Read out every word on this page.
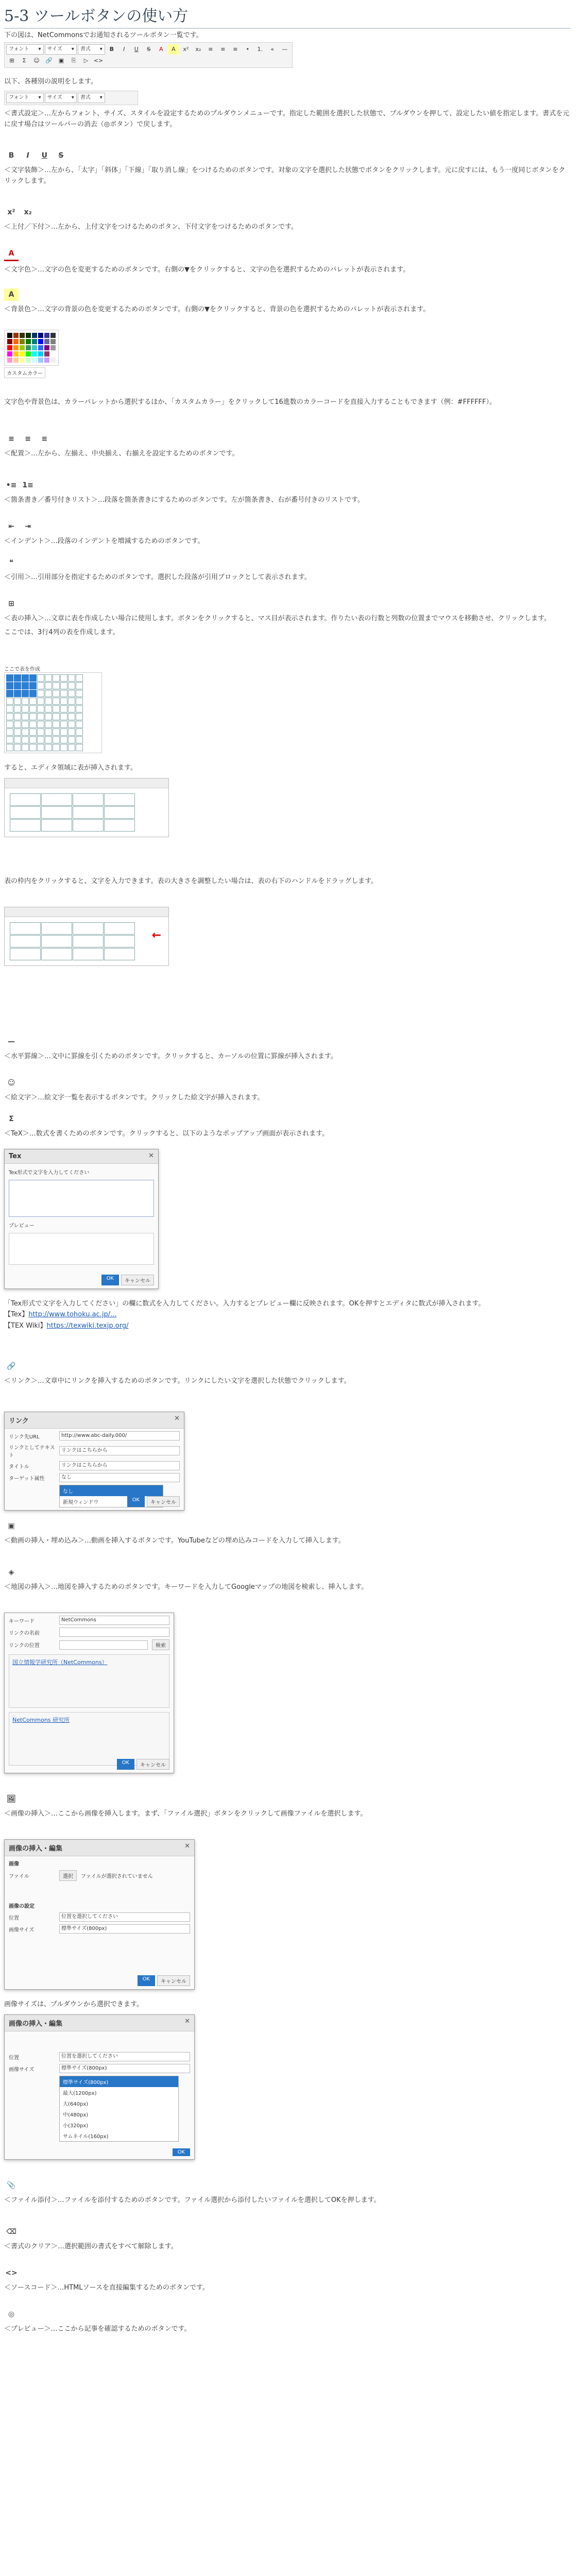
5-3 ツールボタンの使い方

下の図は、NetCommonsでお通知されるツールボタン一覧です。

フォント ▾ サイズ ▾ 書式 ▾	B	I	U	S	A	A	x²	x₂	≡	≡	≡	•	1.	«	—
⊞	Σ	☺	🔗	▣	⎘	▷ <>

以下、各種別の説明をします。

フォント ▾ サイズ ▾ 書式 ▾

＜書式設定＞…左からフォント、サイズ、スタイルを設定するためのプルダウンメニューです。指定した範囲を選択した状態で、プルダウンを押して、設定したい値を指定します。書式を元に戻す場合はツールバーの消去（◎ボタン）で戻します。

B I U S

＜文字装飾＞…左から、「太字」「斜体」「下線」「取り消し線」をつけるためのボタンです。対象の文字を選択した状態でボタンをクリックします。元に戻すには、もう一度同じボタンをクリックします。

x² x₂

＜上付／下付＞…左から、上付文字をつけるためのボタン、下付文字をつけるためのボタンです。

A

＜文字色＞…文字の色を変更するためのボタンです。右側の▼をクリックすると、文字の色を選択するためのパレットが表示されます。

A

＜背景色＞…文字の背景の色を変更するためのボタンです。右側の▼をクリックすると、背景の色を選択するためのパレットが表示されます。

カスタムカラー

文字色や背景色は、カラーパレットから選択するほか、「カスタムカラー」をクリックして16進数のカラーコードを直接入力することもできます（例：#FFFFFF）。

≡ ≡ ≡

＜配置＞…左から、左揃え、中央揃え、右揃えを設定するためのボタンです。

•≡ 1≡

＜箇条書き／番号付きリスト＞…段落を箇条書きにするためのボタンです。左が箇条書き、右が番号付きのリストです。

⇤ ⇥

＜インデント＞…段落のインデントを増減するためのボタンです。

❝

＜引用＞…引用部分を指定するためのボタンです。選択した段落が引用ブロックとして表示されます。

⊞

＜表の挿入＞…文章に表を作成したい場合に使用します。ボタンをクリックすると、マス目が表示されます。作りたい表の行数と列数の位置までマウスを移動させ、クリックします。

ここでは、3行4列の表を作成します。

ここで表を作成

すると、エディタ領域に表が挿入されます。

表の枠内をクリックすると、文字を入力できます。表の大きさを調整したい場合は、表の右下のハンドルをドラッグします。

←
—

＜水平罫線＞…文中に罫線を引くためのボタンです。クリックすると、カーソルの位置に罫線が挿入されます。

☺

＜絵文字＞…絵文字一覧を表示するボタンです。クリックした絵文字が挿入されます。

Σ

＜TeX＞…数式を書くためのボタンです。クリックすると、以下のようなポップアップ画面が表示されます。

Tex	✕
Tex形式で文字を入力してください
プレビュー
OK	キャンセル

「Tex形式で文字を入力してください」の欄に数式を入力してください。入力するとプレビュー欄に反映されます。OKを押すとエディタに数式が挿入されます。

【Tex】http://www.tohoku.ac.jp/...

【TEX Wiki】https://texwiki.texjp.org/

🔗

＜リンク＞…文章中にリンクを挿入するためのボタンです。リンクにしたい文字を選択した状態でクリックします。

リンク	✕
リンク先URL	http://www.abc-daily.000/
リンクとしてテキスト
リンクはこちらから
タイトル	リンクはこちらから
ターゲット属性	なし
なし
新規ウィンドウ	OK	キャンセル
▣

＜動画の挿入・埋め込み＞…動画を挿入するボタンです。YouTubeなどの埋め込みコードを入力して挿入します。

◈

＜地図の挿入＞…地図を挿入するためのボタンです。キーワードを入力してGoogleマップの地図を検索し、挿入します。

キーワード	NetCommons
リンクの名前
リンクの位置	検索
国立情報学研究所（NetCommons）
NetCommons 研究所
OK	キャンセル
🖼

＜画像の挿入＞…ここから画像を挿入します。まず、「ファイル選択」ボタンをクリックして画像ファイルを選択します。

画像の挿入・編集	✕
画像
ファイル	選択	ファイルが選択されていません
画像の設定
位置	位置を選択してください
画像サイズ	標準サイズ(800px)
OK	キャンセル

画像サイズは、プルダウンから選択できます。

画像の挿入・編集	✕
位置	位置を選択してください
画像サイズ	標準サイズ(800px)
標準サイズ(800px)
最大(1200px)
大(640px)
中(480px)
小(320px)
サムネイル(160px)
OK
📎

＜ファイル添付＞…ファイルを添付するためのボタンです。ファイル選択から添付したいファイルを選択してOKを押します。

⌫

＜書式のクリア＞…選択範囲の書式をすべて解除します。

<>

＜ソースコード＞…HTMLソースを直接編集するためのボタンです。

◎

＜プレビュー＞…ここから記事を確認するためのボタンです。
